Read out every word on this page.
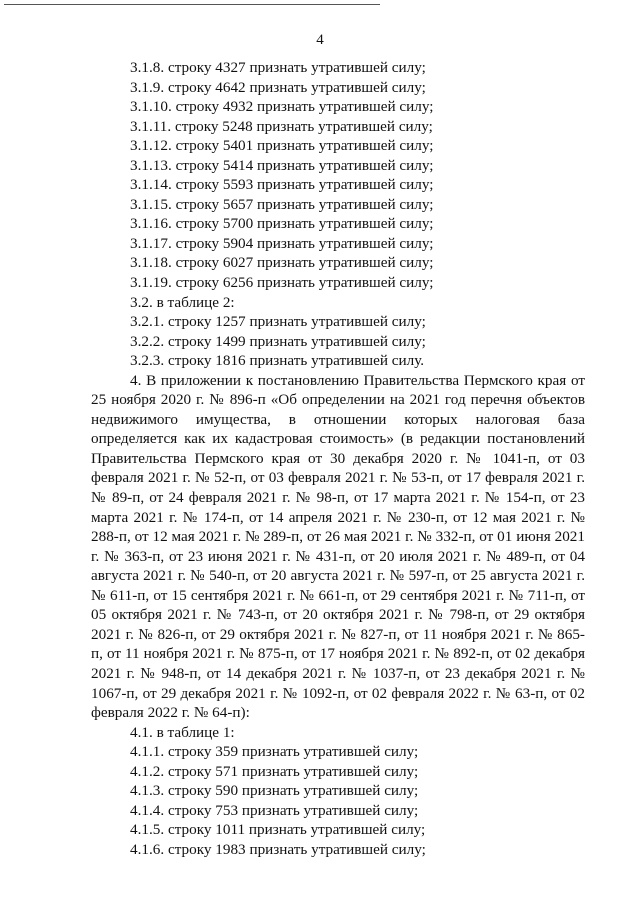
4

3.1.8. строку 4327 признать утратившей силу;

3.1.9. строку 4642 признать утратившей силу;

3.1.10. строку 4932 признать утратившей силу;

3.1.11. строку 5248 признать утратившей силу;

3.1.12. строку 5401 признать утратившей силу;

3.1.13. строку 5414 признать утратившей силу;

3.1.14. строку 5593 признать утратившей силу;

3.1.15. строку 5657 признать утратившей силу;

3.1.16. строку 5700 признать утратившей силу;

3.1.17. строку 5904 признать утратившей силу;

3.1.18. строку 6027 признать утратившей силу;

3.1.19. строку 6256 признать утратившей силу;

3.2. в таблице 2:

3.2.1. строку 1257 признать утратившей силу;

3.2.2. строку 1499 признать утратившей силу;

3.2.3. строку 1816 признать утратившей силу.

4. В приложении к постановлению Правительства Пермского края от 25 ноября 2020 г. № 896-п «Об определении на 2021 год перечня объектов недвижимого имущества, в отношении которых налоговая база определяется как их кадастровая стоимость» (в редакции постановлений Правительства Пермского края от 30 декабря 2020 г. № 1041-п, от 03 февраля 2021 г. № 52-п, от 03 февраля 2021 г. № 53-п, от 17 февраля 2021 г. № 89-п, от 24 февраля 2021 г. № 98-п, от 17 марта 2021 г. № 154-п, от 23 марта 2021 г. № 174-п, от 14 апреля 2021 г. № 230-п, от 12 мая 2021 г. № 288-п, от 12 мая 2021 г. № 289-п, от 26 мая 2021 г. № 332-п, от 01 июня 2021 г. № 363-п, от 23 июня 2021 г. № 431-п, от 20 июля 2021 г. № 489-п, от 04 августа 2021 г. № 540-п, от 20 августа 2021 г. № 597-п, от 25 августа 2021 г. № 611-п, от 15 сентября 2021 г. № 661-п, от 29 сентября 2021 г. № 711-п, от 05 октября 2021 г. № 743-п, от 20 октября 2021 г. № 798-п, от 29 октября 2021 г. № 826-п, от 29 октября 2021 г. № 827-п, от 11 ноября 2021 г. № 865-п, от 11 ноября 2021 г. № 875-п, от 17 ноября 2021 г. № 892-п, от 02 декабря 2021 г. № 948-п, от 14 декабря 2021 г. № 1037-п, от 23 декабря 2021 г. № 1067-п, от 29 декабря 2021 г. № 1092-п, от 02 февраля 2022 г. № 63-п, от 02 февраля 2022 г. № 64-п):

4.1. в таблице 1:

4.1.1. строку 359 признать утратившей силу;

4.1.2. строку 571 признать утратившей силу;

4.1.3. строку 590 признать утратившей силу;

4.1.4. строку 753 признать утратившей силу;

4.1.5. строку 1011 признать утратившей силу;

4.1.6. строку 1983 признать утратившей силу;
